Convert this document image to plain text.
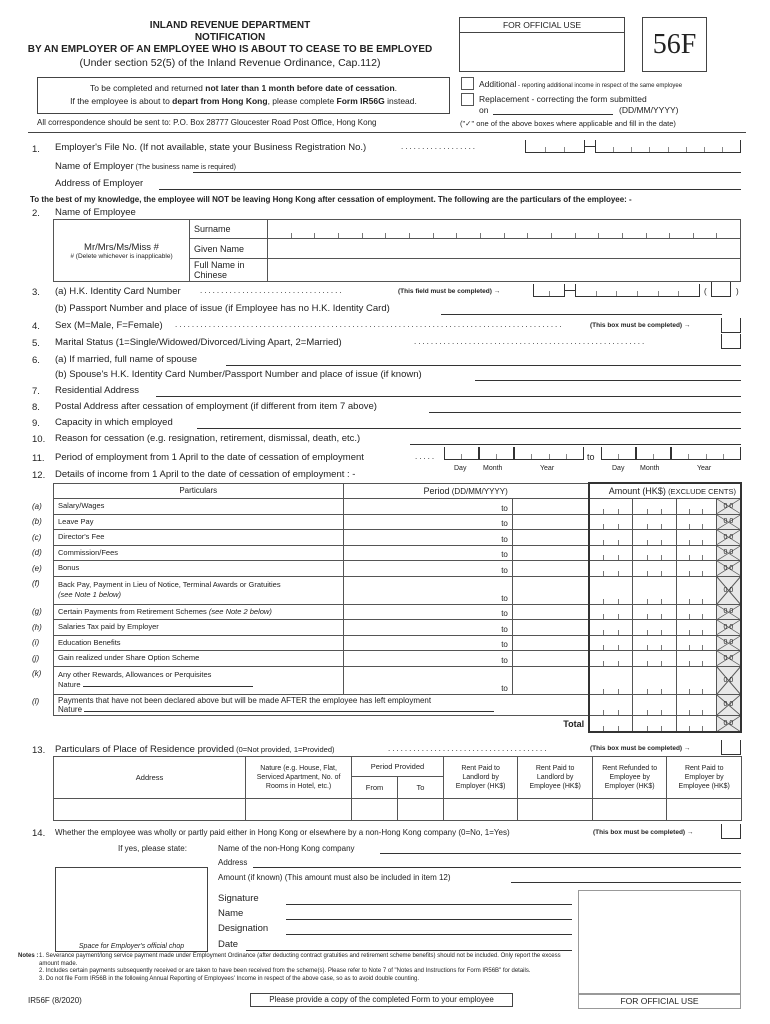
INLAND REVENUE DEPARTMENT
NOTIFICATION
BY AN EMPLOYER OF AN EMPLOYEE WHO IS ABOUT TO CEASE TO BE EMPLOYED
(Under section 52(5) of the Inland Revenue Ordinance, Cap.112)
To be completed and returned not later than 1 month before date of cessation.
If the employee is about to depart from Hong Kong, please complete Form IR56G instead.
All correspondence should be sent to: P.O. Box 28777 Gloucester Road Post Office, Hong Kong
FOR OFFICIAL USE
56F
Additional - reporting additional income in respect of the same employee
Replacement - correcting the form submitted
on	(DD/MM/YYYY)
("✓" one of the above boxes where applicable and fill in the date)
1. Employer's File No. (If not available, state your Business Registration No.)	..................
Name of Employer (The business name is required)
Address of Employer
To the best of my knowledge, the employee will NOT be leaving Hong Kong after cessation of employment. The following are the particulars of the employee: -
2. Name of Employee
Mr/Mrs/Ms/Miss #
# (Delete whichever is inapplicable)	Surname	

	Given Name	
	Full Name in Chinese	
3. (a) H.K. Identity Card Number ..................................	(This field must be completed) →	(	)
(b) Passport Number and place of issue (if Employee has no H.K. Identity Card)
4. Sex (M=Male, F=Female) ............................................................................................	(This box must be completed) →
5. Marital Status (1=Single/Widowed/Divorced/Living Apart, 2=Married)	.......................................................
6. (a) If married, full name of spouse
(b) Spouse's H.K. Identity Card Number/Passport Number and place of issue (if known)
7. Residential Address
8. Postal Address after cessation of employment (if different from item 7 above)
9. Capacity in which employed
10. Reason for cessation (e.g. resignation, retirement, dismissal, death, etc.)
11. Period of employment from 1 April to the date of cessation of employment	.....
Day Month	Year
to
Day Month	Year
12. Details of income from 1 April to the date of cessation of employment : -
(a)
(b)
(c)
(d)
(e)
(f)
(g)
(h)
(i)
(j)
(k)
(l)
Particulars	Period (DD/MM/YYYY)		Amount (HK$) (EXCLUDE CENTS)			
Salary/Wages	to					0 0
Leave Pay	to					0 0
Director's Fee	to					0 0
Commission/Fees	to					0 0
Bonus	to					0 0
Back Pay, Payment in Lieu of Notice, Terminal Awards or Gratuities
(see Note 1 below)	to					0 0
Certain Payments from Retirement Schemes (see Note 2 below)	to					0 0
Salaries Tax paid by Employer	to					0 0
Education Benefits	to					0 0
Gain realized under Share Option Scheme	to					0 0
Any other Rewards, Allowances or Perquisites
Nature	to					0 0
Payments that have not been declared above but will be made AFTER the employee has left employment
Nature						0 0
Total						0 0
13. Particulars of Place of Residence provided (0=Not provided, 1=Provided)	......................................	(This box must be completed) →
Address	Nature (e.g. House, Flat, Serviced Apartment, No. of Rooms in Hotel, etc.)	Period Provided		Rent Paid to Landlord by Employer (HK$)	Rent Paid to Landlord by Employee (HK$)	Rent Refunded to Employee by Employer (HK$)	Rent Paid to Employer by Employee (HK$)
		From	To				

14. Whether the employee was wholly or partly paid either in Hong Kong or elsewhere by a non-Hong Kong company (0=No, 1=Yes)	(This box must be completed) →
If yes, please state:	Name of the non-Hong Kong company
Address
Amount (if known) (This amount must also be included in item 12)
Space for Employer's official chop
Signature
Name
Designation
Date
FOR OFFICIAL USE
Notes : 1. Severance payment/long service payment made under Employment Ordinance (after deducting contract gratuities and retirement scheme benefits) should not be included. Only report the excess amount made.
2. Includes certain payments subsequently received or are taken to have been received from the scheme(s). Please refer to Note 7 of "Notes and Instructions for Form IR56B" for details.
3. Do not file Form IR56B in the following Annual Reporting of Employees' Income in respect of the above case, so as to avoid double counting.
IR56F (8/2020)	Please provide a copy of the completed Form to your employee
